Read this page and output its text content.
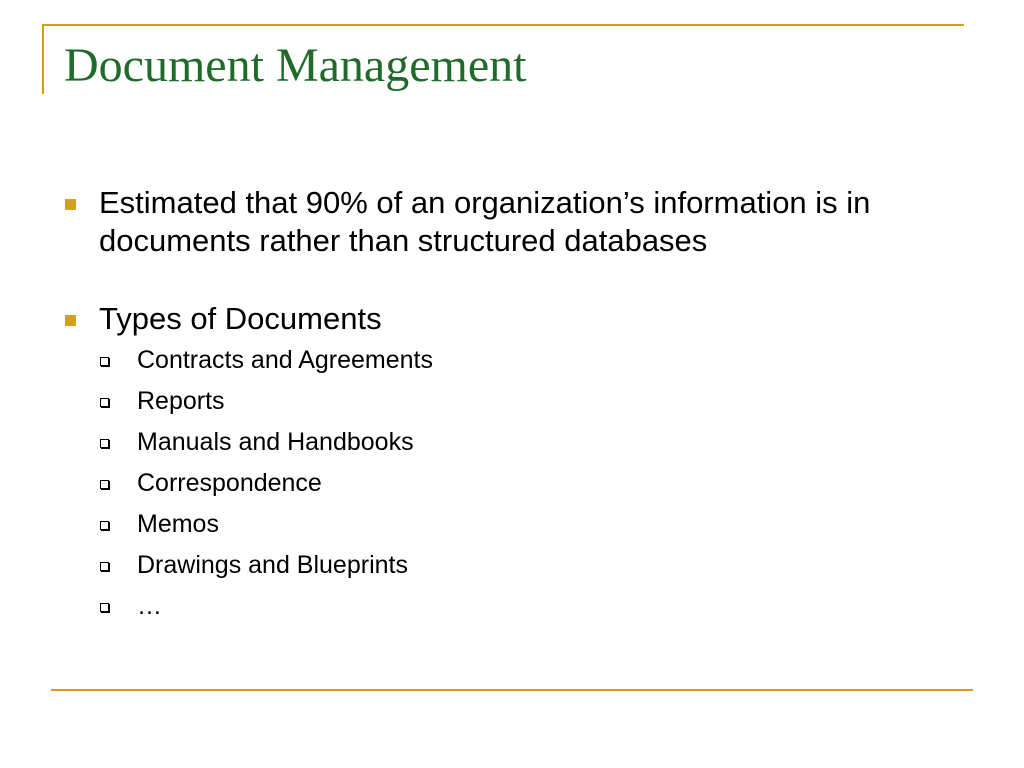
Document Management
Estimated that 90% of an organization’s information is in documents rather than structured databases
Types of Documents
Contracts and Agreements
Reports
Manuals and Handbooks
Correspondence
Memos
Drawings and Blueprints
…
